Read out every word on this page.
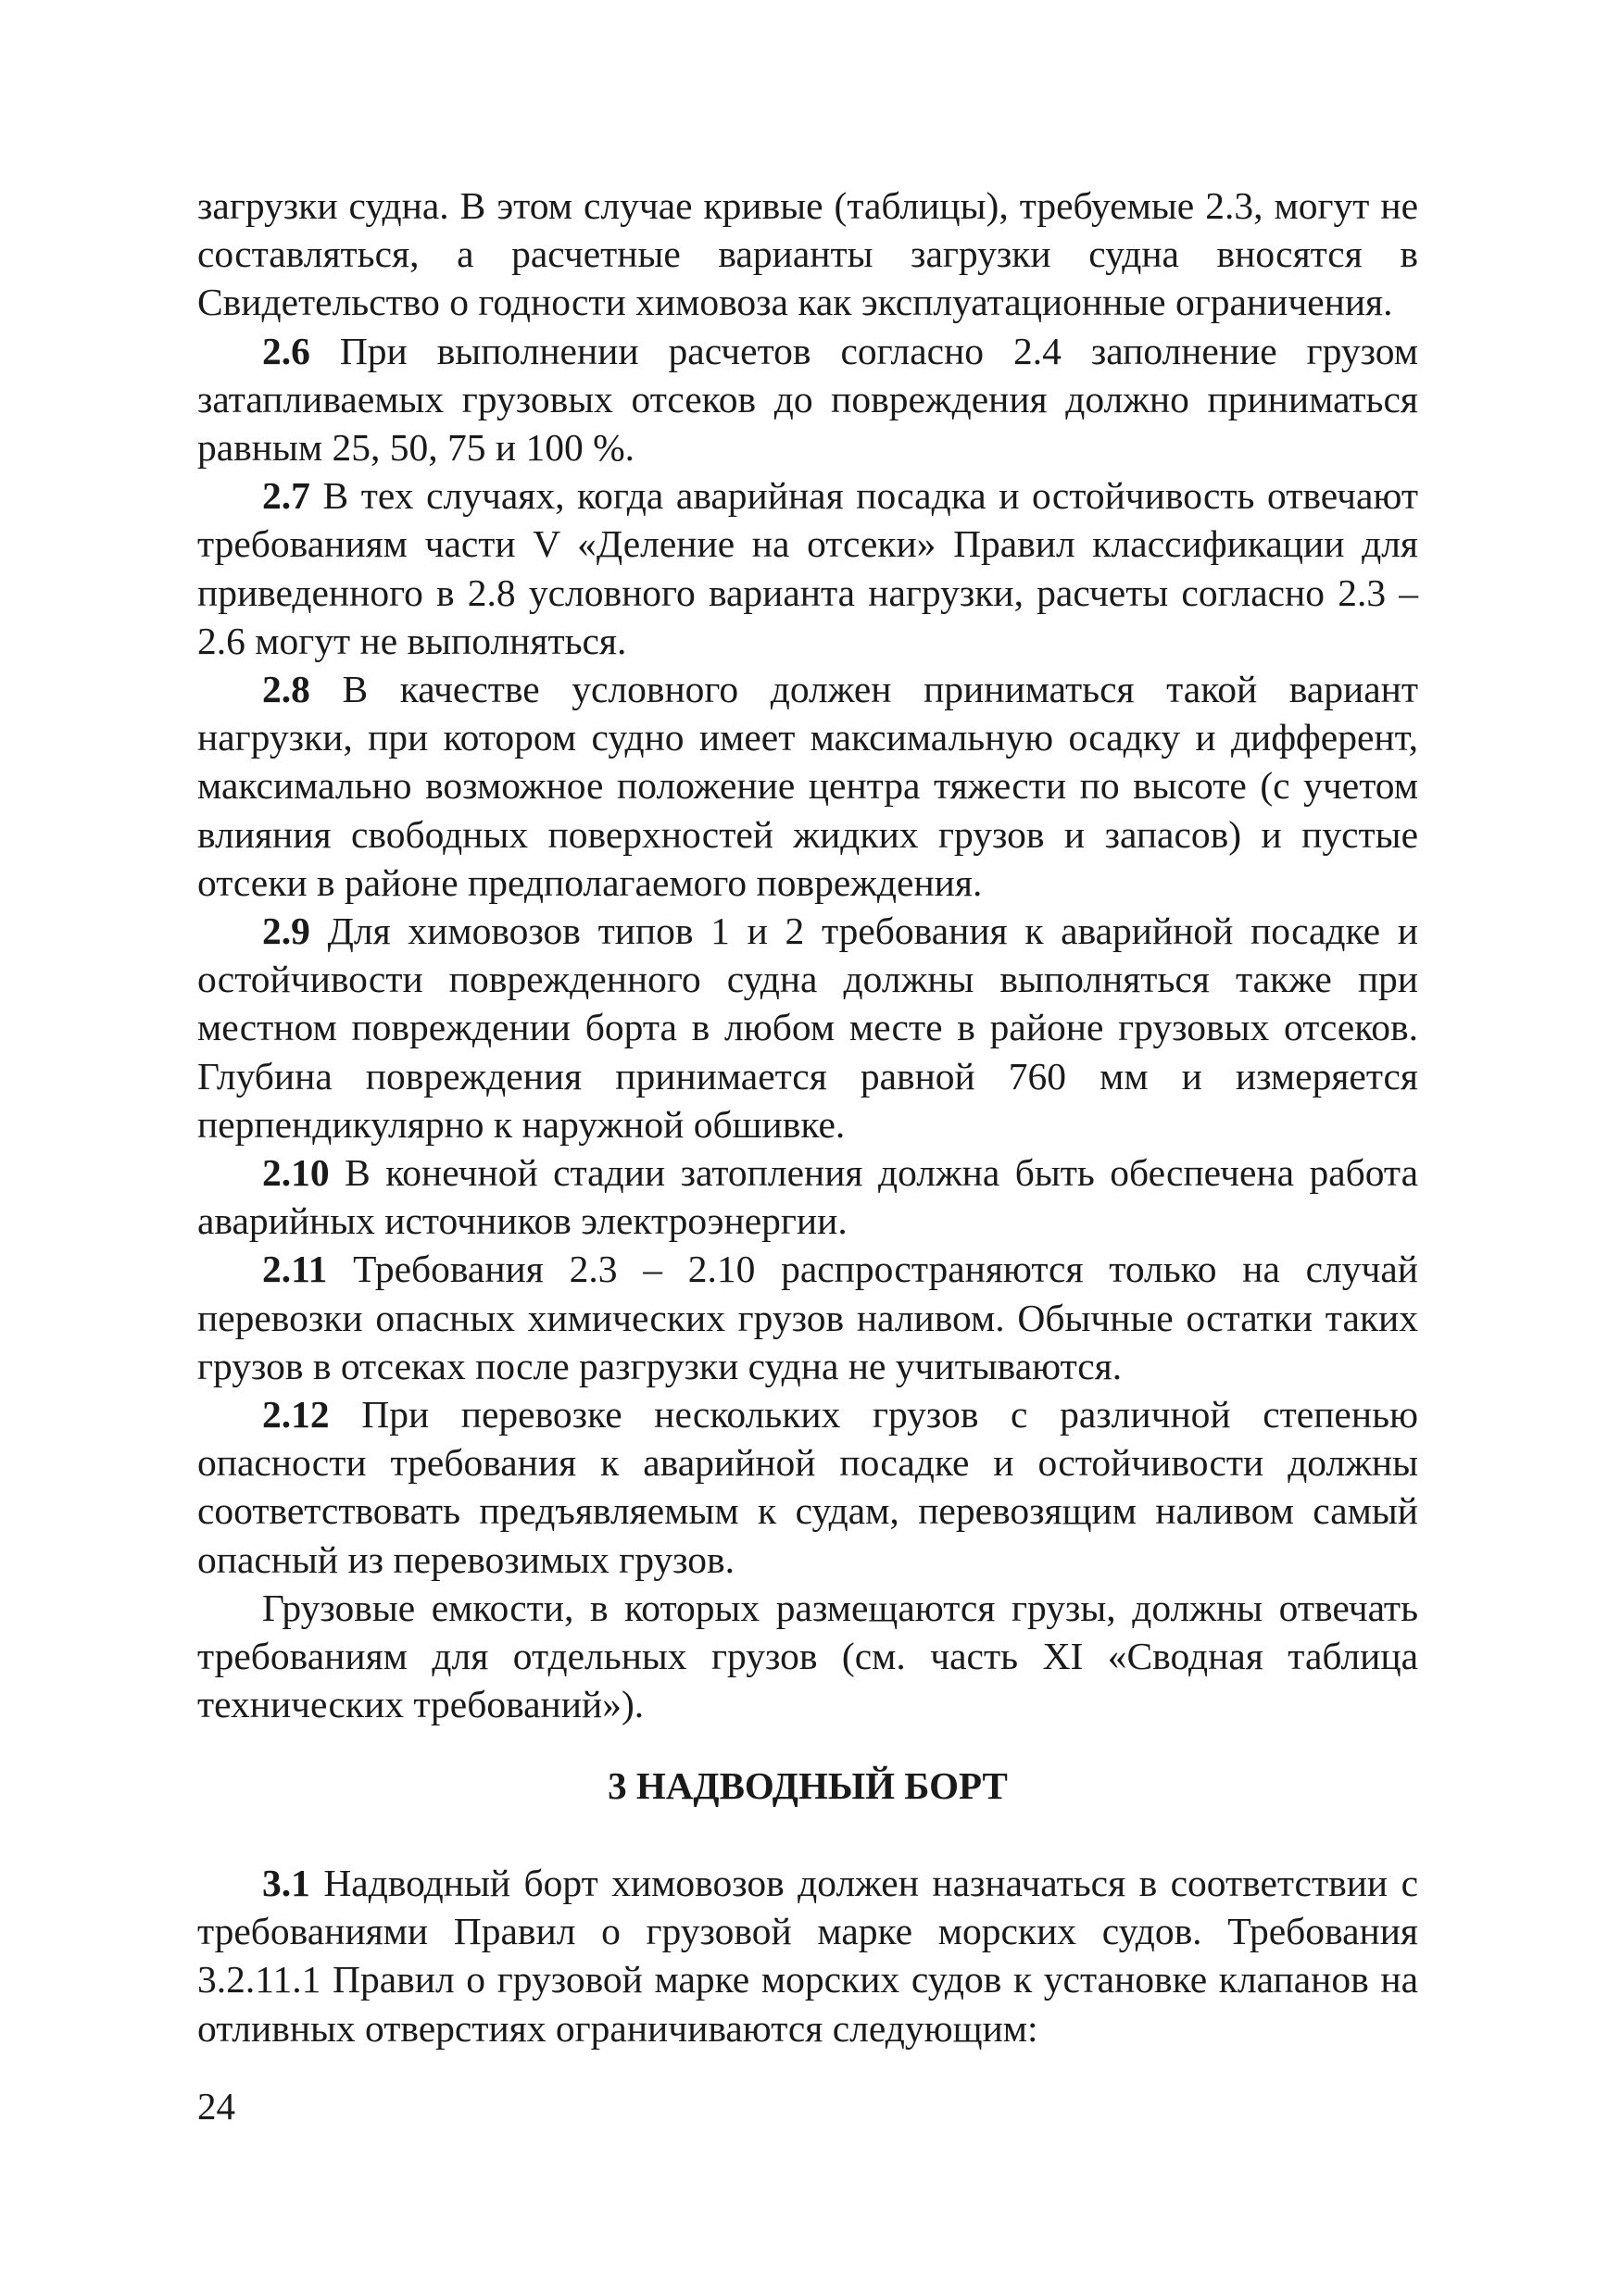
загрузки судна. В этом случае кривые (таблицы), требуемые 2.3, могут не составляться, а расчетные варианты загрузки судна вносятся в Свидетельство о годности химовоза как эксплуатационные ограничения.

2.6 При выполнении расчетов согласно 2.4 заполнение грузом затапливаемых грузовых отсеков до повреждения должно приниматься равным 25, 50, 75 и 100 %.

2.7 В тех случаях, когда аварийная посадка и остойчивость отвечают требованиям части V «Деление на отсеки» Правил классификации для приведенного в 2.8 условного варианта нагрузки, расчеты согласно 2.3 – 2.6 могут не выполняться.

2.8 В качестве условного должен приниматься такой вариант нагрузки, при котором судно имеет максимальную осадку и дифферент, максимально возможное положение центра тяжести по высоте (с учетом влияния свободных поверхностей жидких грузов и запасов) и пустые отсеки в районе предполагаемого повреждения.

2.9 Для химовозов типов 1 и 2 требования к аварийной посадке и остойчивости поврежденного судна должны выполняться также при местном повреждении борта в любом месте в районе грузовых отсеков. Глубина повреждения принимается равной 760 мм и измеряется перпендикулярно к наружной обшивке.

2.10 В конечной стадии затопления должна быть обеспечена работа аварийных источников электроэнергии.

2.11 Требования 2.3 – 2.10 распространяются только на случай перевозки опасных химических грузов наливом. Обычные остатки таких грузов в отсеках после разгрузки судна не учитываются.

2.12 При перевозке нескольких грузов с различной степенью опасности требования к аварийной посадке и остойчивости должны соответствовать предъявляемым к судам, перевозящим наливом самый опасный из перевозимых грузов.

Грузовые емкости, в которых размещаются грузы, должны отвечать требованиям для отдельных грузов (см. часть XI «Сводная таблица технических требований»).

3 НАДВОДНЫЙ БОРТ

3.1 Надводный борт химовозов должен назначаться в соответствии с требованиями Правил о грузовой марке морских судов. Требования 3.2.11.1 Правил о грузовой марке морских судов к установке клапанов на отливных отверстиях ограничиваются следующим:

24
